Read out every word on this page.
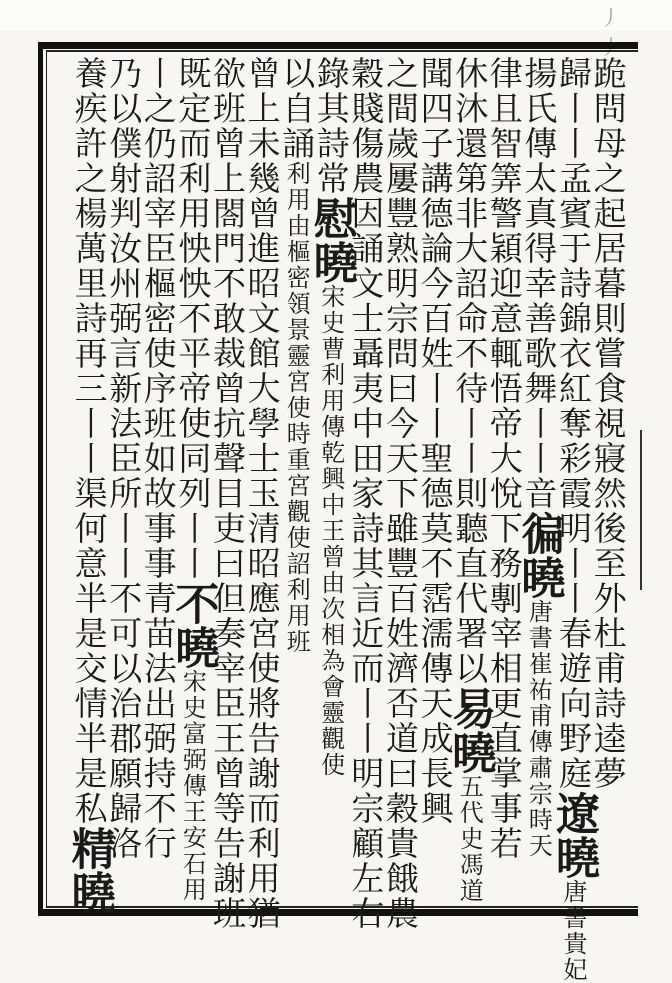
丿 丿
跪問母之起居暮則嘗食視寢然後至外杜甫詩逵夢
歸丨丨孟賓于詩錦衣紅奪彩霞明丨丨春遊向野庭遼曉唐書貴妃
揚氏傳太真得幸善歌舞丨丨音徧曉唐書崔祐甫傳肅宗時天
律且智筭警穎迎意輒悟帝大悅下務剸宰相更直掌事若
休沐還第非大詔命不待丨丨則聽直代署以易曉五代史馮道
聞四子講德論今百姓丨丨聖德莫不霑濡傳天成長興
之間歲屢豐熟明宗問曰今天下雖豐百姓濟否道曰穀貴餓農
穀賤傷農因誦文士聶夷中田家詩其言近而丨丨明宗顧左右
錄其詩常慰曉宋史曹利用傳乾興中王曾由次相為會靈觀使
以自誦利用由樞密領景靈宮使時重宮觀使詔利用班
曾上未幾曾進昭文館大學士玉清昭應宮使將告謝而利用猶
欲班曾上閤門不敢裁曾抗聲目吏曰但奏宰臣王曾等告謝班
既定而利用怏怏不平帝使同列丨丨不曉宋史富弼傳王安石用
丨之仍詔宰臣樞密使序班如故事事青苗法出弼持不行
乃以僕射判汝州弼言新法臣所丨丨不可以治郡願歸洛
養疾許之楊萬里詩再三丨丨渠何意半是交情半是私精曉
